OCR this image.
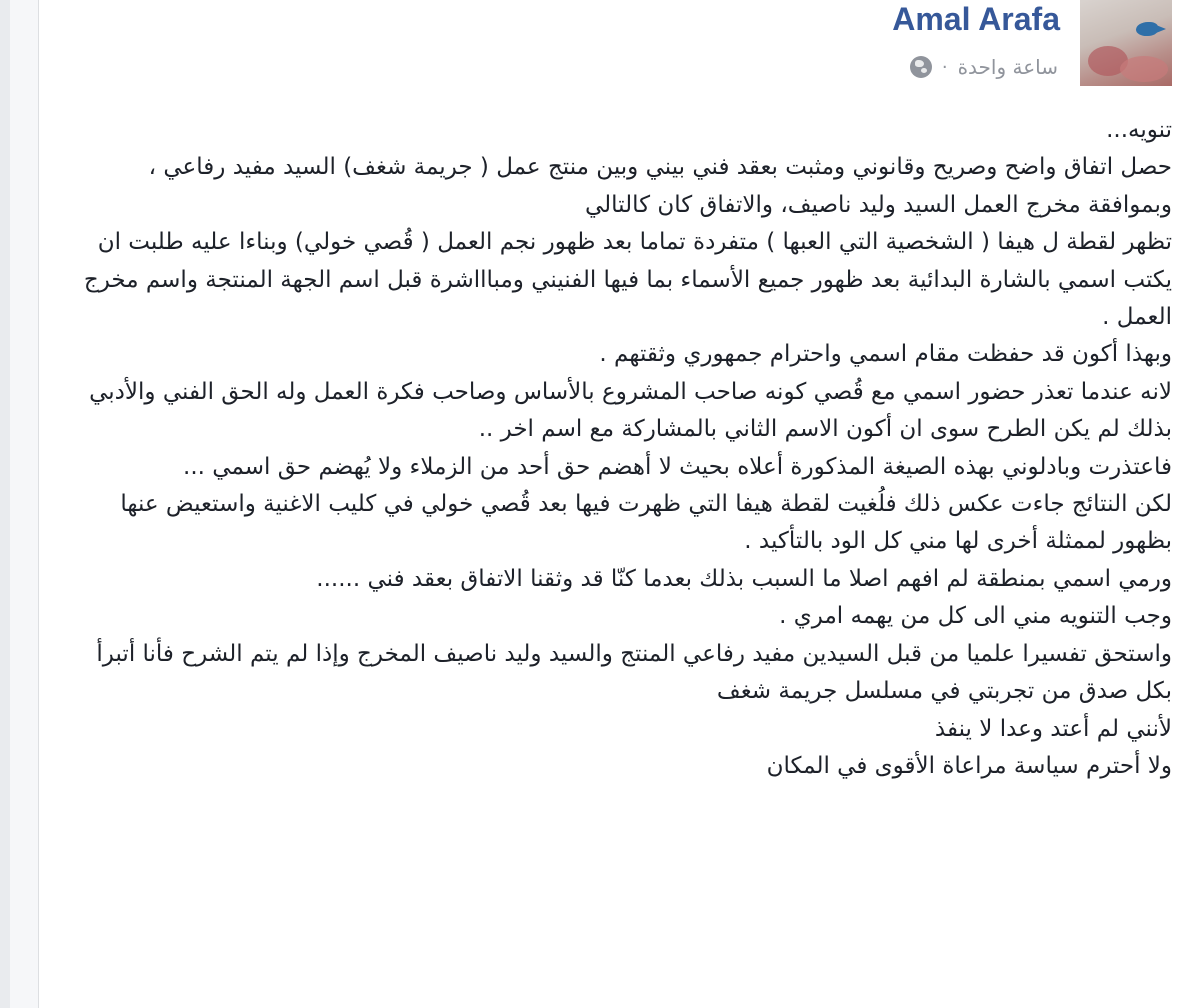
Amal Arafa
ساعة واحدة
·

تنويه...

حصل اتفاق واضح وصريح وقانوني ومثبت بعقد فني بيني وبين منتج عمل ( جريمة شغف) السيد مفيد رفاعي ، وبموافقة مخرج العمل السيد وليد ناصيف، والاتفاق كان كالتالي

تظهر لقطة ل هيفا ( الشخصية التي العبها ) متفردة تماما بعد ظهور نجم العمل ( قُصي خولي) وبناءا عليه طلبت ان يكتب اسمي بالشارة البدائية بعد ظهور جميع الأسماء بما فيها الفنيني ومباااشرة قبل اسم الجهة المنتجة واسم مخرج العمل .

وبهذا أكون قد حفظت مقام اسمي واحترام جمهوري وثقتهم .

لانه عندما تعذر حضور اسمي مع قُصي كونه صاحب المشروع بالأساس وصاحب فكرة العمل وله الحق الفني والأدبي بذلك لم يكن الطرح سوى ان أكون الاسم الثاني بالمشاركة مع اسم اخر ..

فاعتذرت وبادلوني بهذه الصيغة المذكورة أعلاه بحيث لا أهضم حق أحد من الزملاء ولا يُهضم حق اسمي ...

لكن النتائج جاءت عكس ذلك فلُغيت لقطة هيفا التي ظهرت فيها بعد قُصي خولي في كليب الاغنية واستعيض عنها بظهور لممثلة أخرى لها مني كل الود بالتأكيد .

ورمي اسمي بمنطقة لم افهم اصلا ما السبب بذلك بعدما كنّا قد وثقنا الاتفاق بعقد فني ......

وجب التنويه مني الى كل من يهمه امري .

واستحق تفسيرا علميا من قبل السيدين مفيد رفاعي المنتج والسيد وليد ناصيف المخرج وإذا لم يتم الشرح فأنا أتبرأ بكل صدق من تجربتي في مسلسل جريمة شغف

لأنني لم أعتد وعدا لا ينفذ

ولا أحترم سياسة مراعاة الأقوى في المكان
